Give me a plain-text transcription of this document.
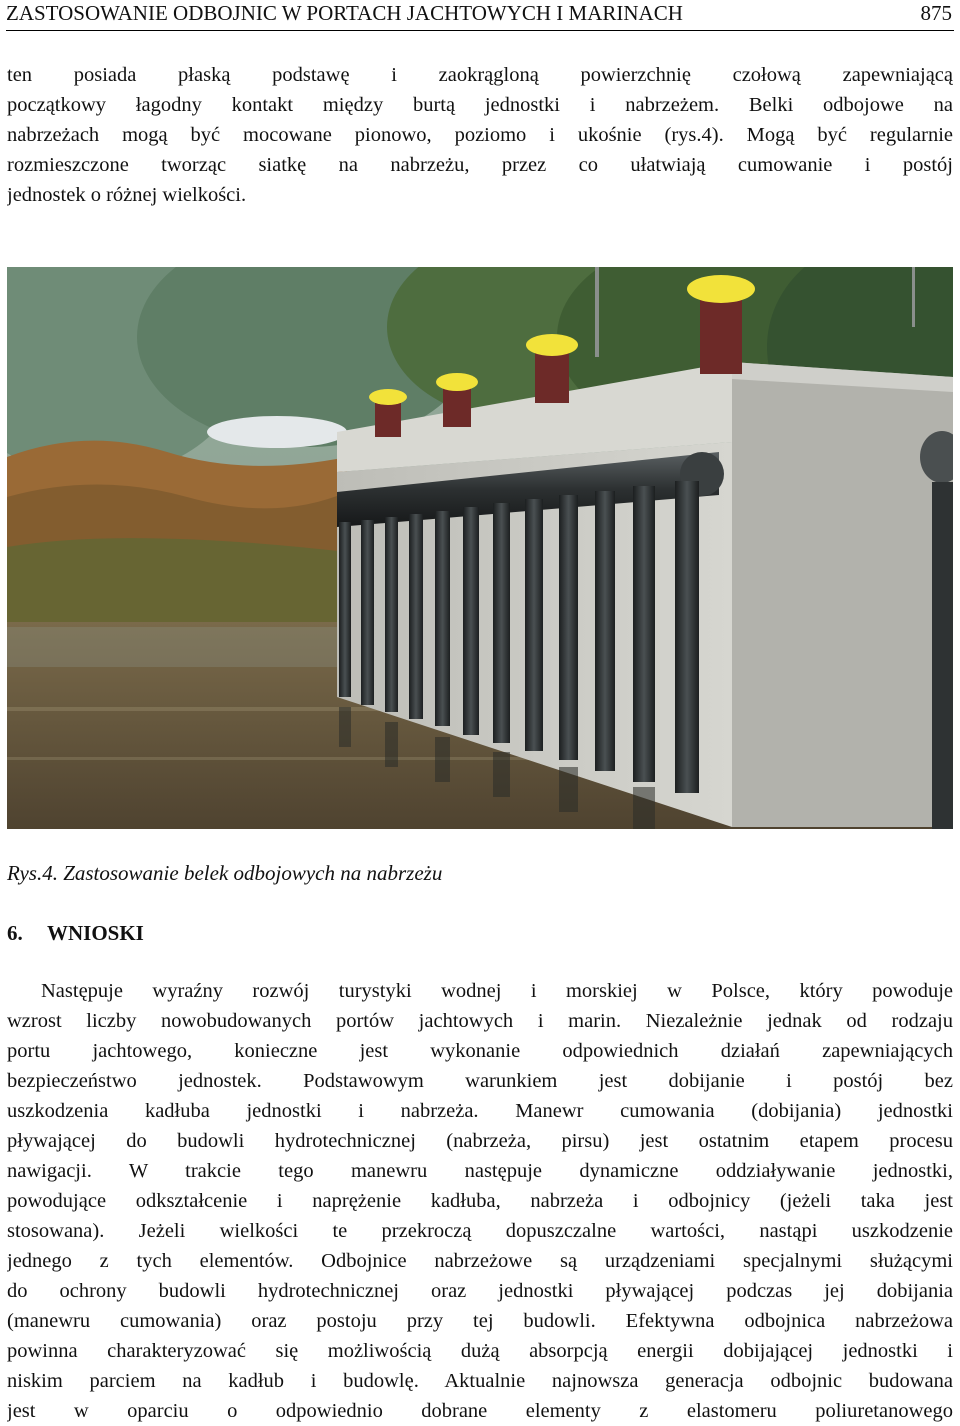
ZASTOSOWANIE ODBOJNIC W PORTACH JACHTOWYCH I MARINACH	875
ten posiada płaską podstawę i zaokrągloną powierzchnię czołową zapewniającą
początkowy łagodny kontakt między burtą jednostki i nabrzeżem. Belki odbojowe na
nabrzeżach mogą być mocowane pionowo, poziomo i ukośnie (rys.4). Mogą być regularnie
rozmieszczone tworząc siatkę na nabrzeżu, przez co ułatwiają cumowanie i postój
jednostek o różnej wielkości.
Rys.4. Zastosowanie belek odbojowych na nabrzeżu
6. WNIOSKI
Następuje wyraźny rozwój turystyki wodnej i morskiej w Polsce, który powoduje
wzrost liczby nowobudowanych portów jachtowych i marin. Niezależnie jednak od rodzaju
portu jachtowego, konieczne jest wykonanie odpowiednich działań zapewniających
bezpieczeństwo jednostek. Podstawowym warunkiem jest dobijanie i postój bez
uszkodzenia kadłuba jednostki i nabrzeża. Manewr cumowania (dobijania) jednostki
pływającej do budowli hydrotechnicznej (nabrzeża, pirsu) jest ostatnim etapem procesu
nawigacji. W trakcie tego manewru następuje dynamiczne oddziaływanie jednostki,
powodujące odkształcenie i naprężenie kadłuba, nabrzeża i odbojnicy (jeżeli taka jest
stosowana). Jeżeli wielkości te przekroczą dopuszczalne wartości, nastąpi uszkodzenie
jednego z tych elementów. Odbojnice nabrzeżowe są urządzeniami specjalnymi służącymi
do ochrony budowli hydrotechnicznej oraz jednostki pływającej podczas jej dobijania
(manewru cumowania) oraz postoju przy tej budowli. Efektywna odbojnica nabrzeżowa
powinna charakteryzować się możliwością dużą absorpcją energii dobijającej jednostki i
niskim parciem na kadłub i budowlę. Aktualnie najnowsza generacja odbojnic budowana
jest w oparciu o odpowiednio dobrane elementy z elastomeru poliuretanowego
